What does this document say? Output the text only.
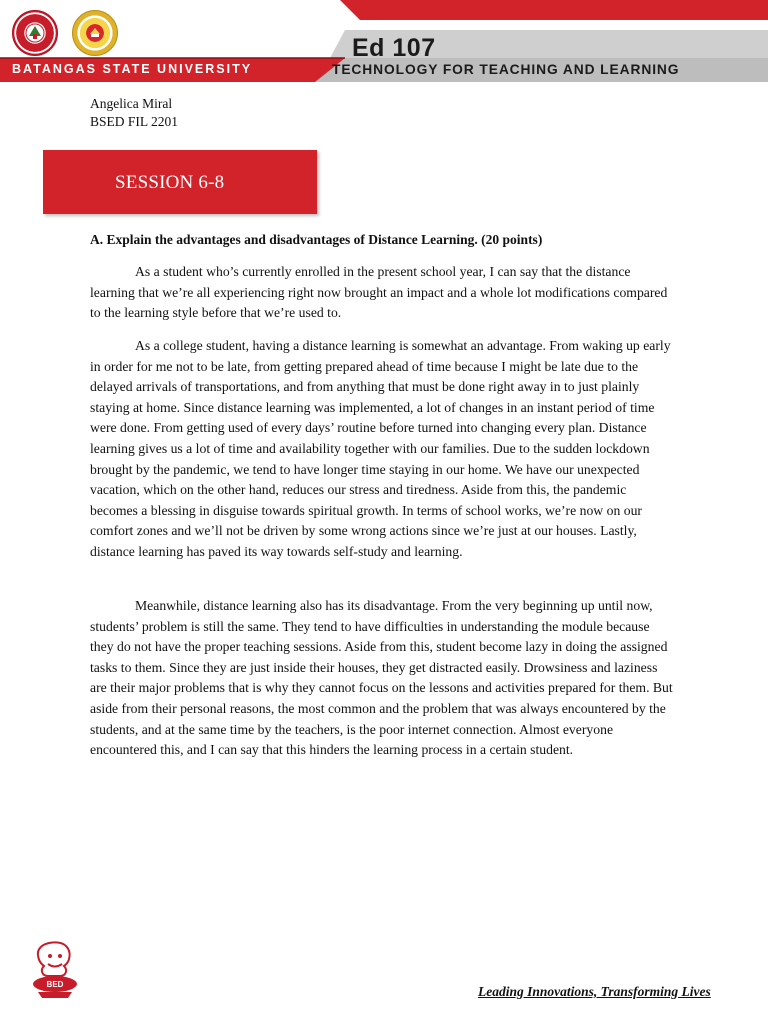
BATANGAS STATE UNIVERSITY
Ed 107
TECHNOLOGY FOR TEACHING AND LEARNING
Angelica Miral
BSED FIL 2201
SESSION 6-8
A. Explain the advantages and disadvantages of Distance Learning. (20 points)

As a student who’s currently enrolled in the present school year, I can say that the distance learning that we’re all experiencing right now brought an impact and a whole lot modifications compared to the learning style before that we’re used to.

As a college student, having a distance learning is somewhat an advantage. From waking up early in order for me not to be late, from getting prepared ahead of time because I might be late due to the delayed arrivals of transportations, and from anything that must be done right away in to just plainly staying at home. Since distance learning was implemented, a lot of changes in an instant period of time were done. From getting used of every days’ routine before turned into changing every plan. Distance learning gives us a lot of time and availability together with our families. Due to the sudden lockdown brought by the pandemic, we tend to have longer time staying in our home. We have our unexpected vacation, which on the other hand, reduces our stress and tiredness. Aside from this, the pandemic becomes a blessing in disguise towards spiritual growth. In terms of school works, we’re now on our comfort zones and we’ll not be driven by some wrong actions since we’re just at our houses. Lastly, distance learning has paved its way towards self-study and learning.

Meanwhile, distance learning also has its disadvantage. From the very beginning up until now, students’ problem is still the same. They tend to have difficulties in understanding the module because they do not have the proper teaching sessions. Aside from this, student become lazy in doing the assigned tasks to them. Since they are just inside their houses, they get distracted easily. Drowsiness and laziness are their major problems that is why they cannot focus on the lessons and activities prepared for them. But aside from their personal reasons, the most common and the problem that was always encountered by the students, and at the same time by the teachers, is the poor internet connection. Almost everyone encountered this, and I can say that this hinders the learning process in a certain student.

BED	Leading Innovations, Transforming Lives
